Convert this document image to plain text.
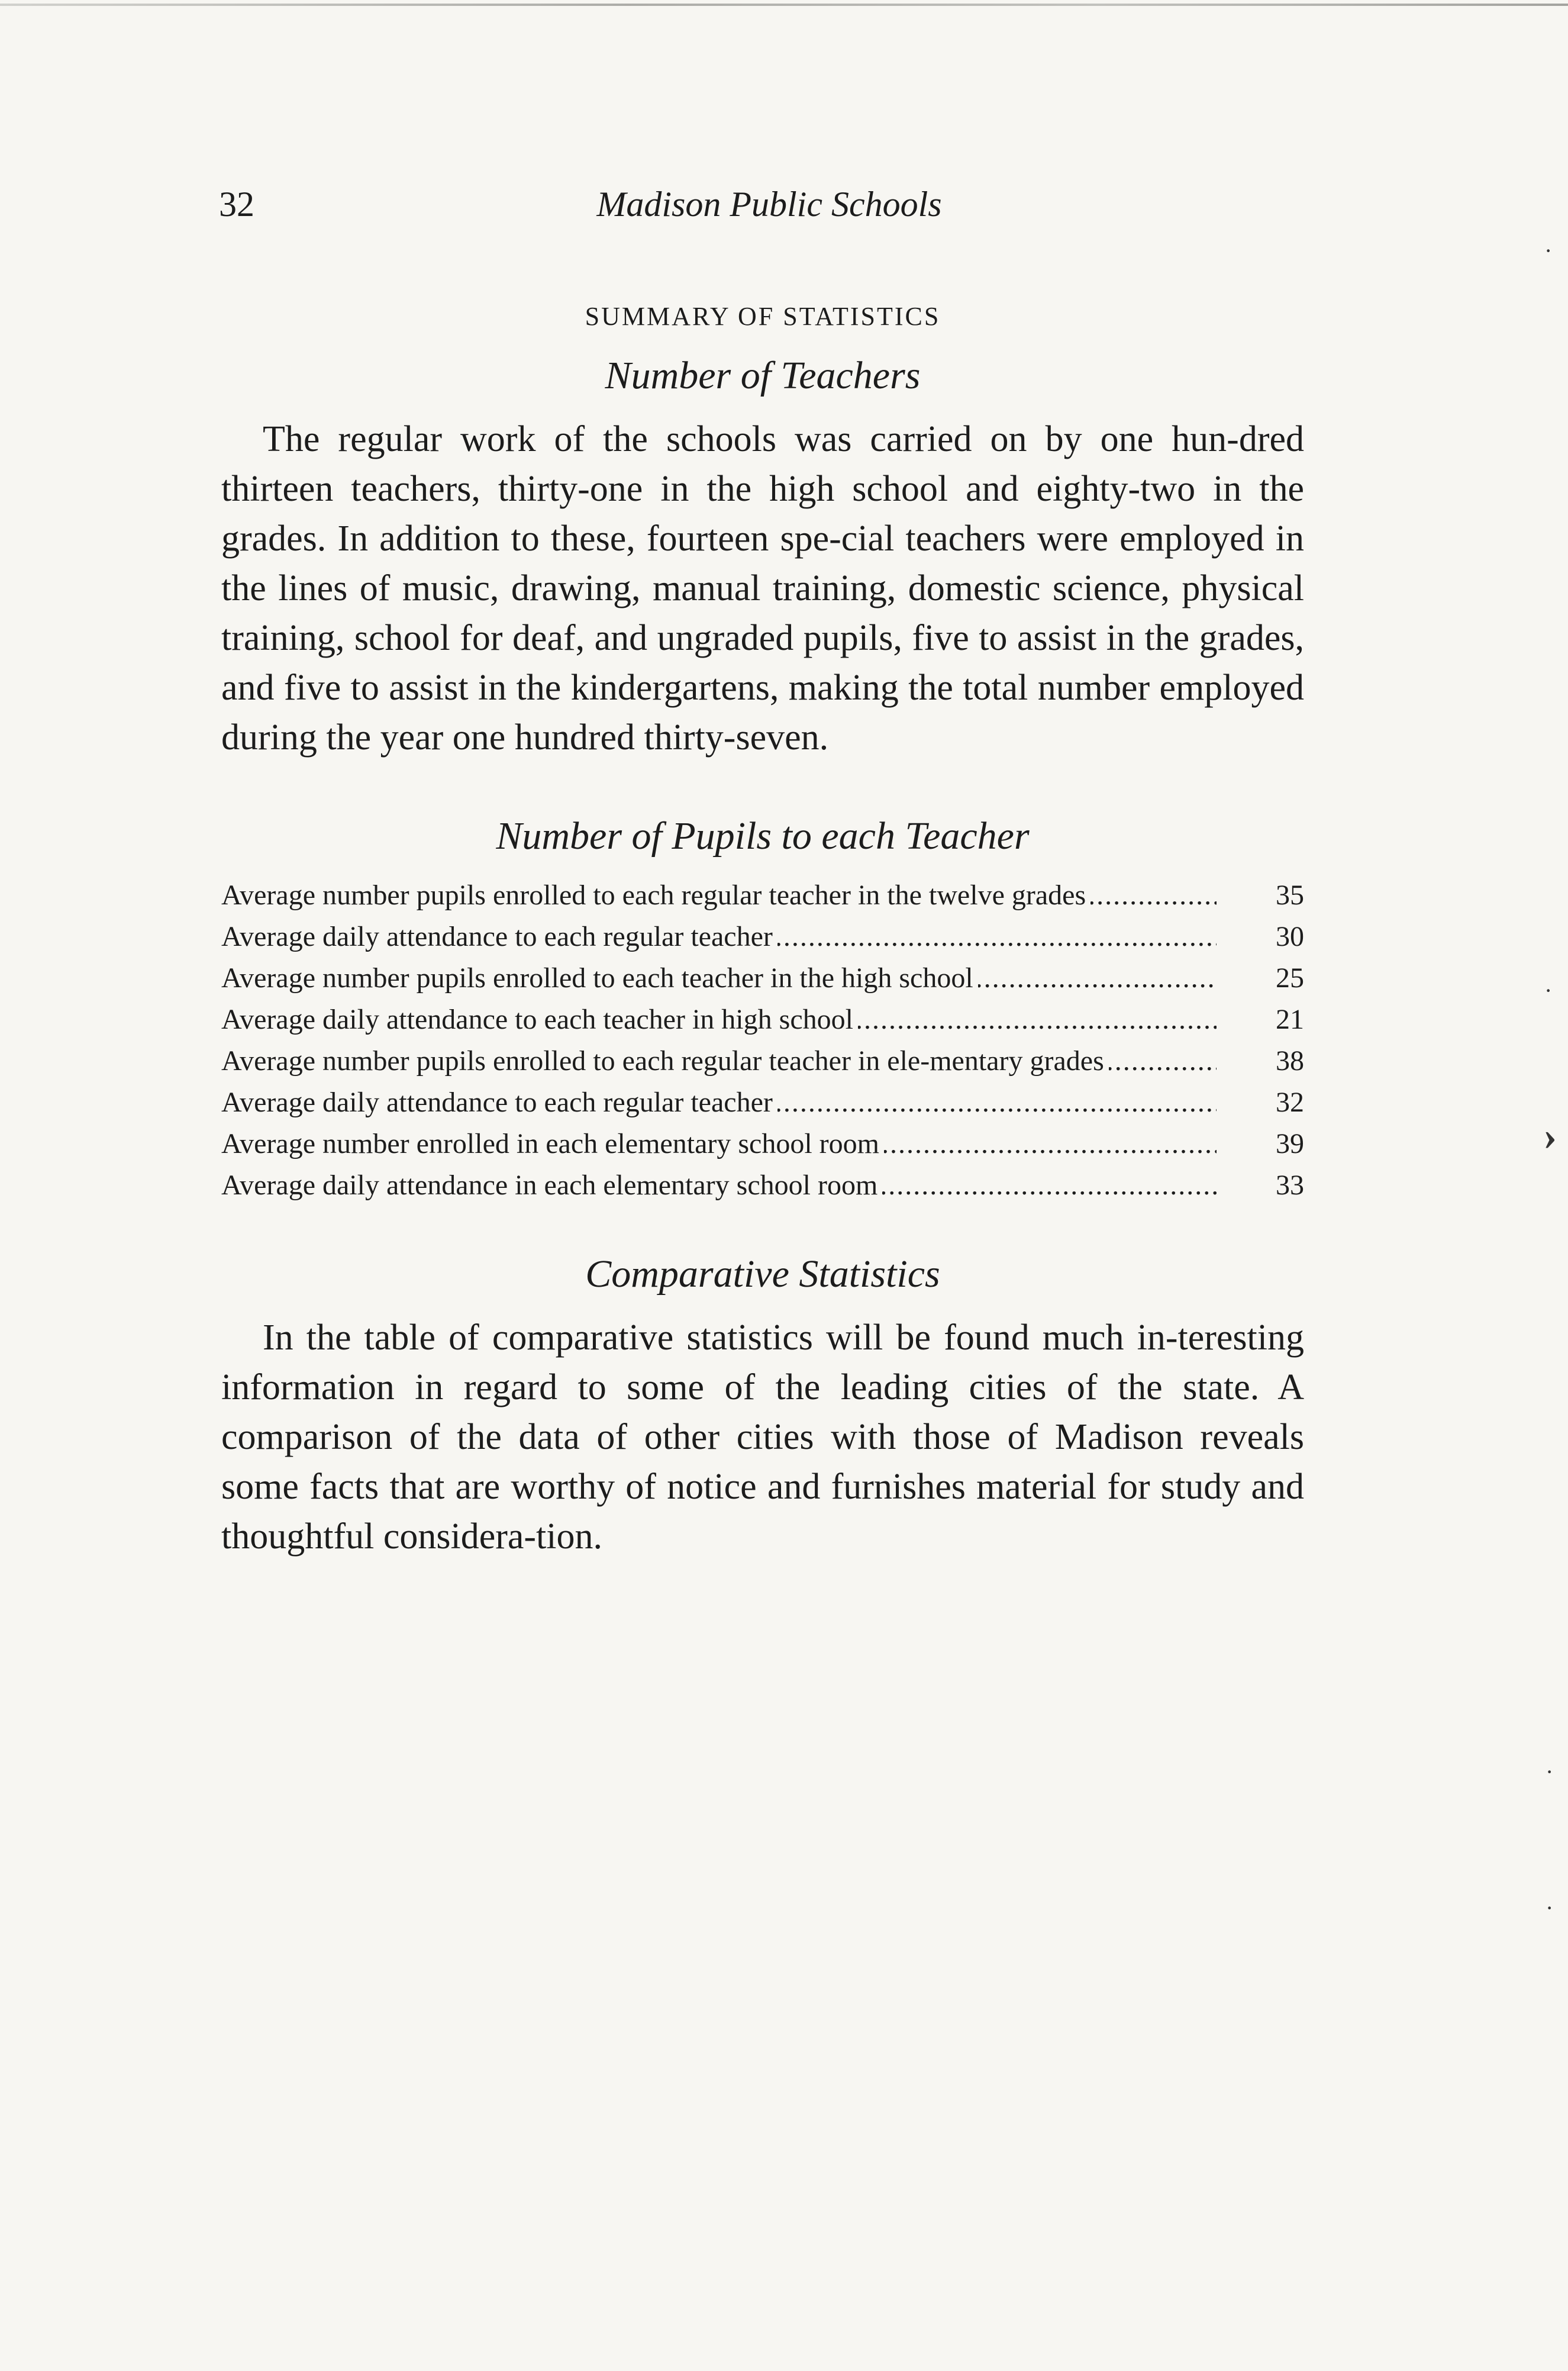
32	Madison Public Schools
SUMMARY OF STATISTICS
Number of Teachers

The regular work of the schools was carried on by one hun-dred thirteen teachers, thirty-one in the high school and eighty-two in the grades. In addition to these, fourteen spe-cial teachers were employed in the lines of music, drawing, manual training, domestic science, physical training, school for deaf, and ungraded pupils, five to assist in the grades, and five to assist in the kindergartens, making the total number employed during the year one hundred thirty-seven.

Number of Pupils to each Teacher
Average number pupils enrolled to each regular teacher in the twelve grades .....	35
Average daily attendance to each regular teacher .....	30
Average number pupils enrolled to each teacher in the high school .....	25
Average daily attendance to each teacher in high school .....	21
Average number pupils enrolled to each regular teacher in ele-mentary grades .....	38
Average daily attendance to each regular teacher .....	32
Average number enrolled in each elementary school room .....	39
Average daily attendance in each elementary school room .....	33
Comparative Statistics

In the table of comparative statistics will be found much in-teresting information in regard to some of the leading cities of the state. A comparison of the data of other cities with those of Madison reveals some facts that are worthy of notice and furnishes material for study and thoughtful considera-tion.

·
·
›
·
·
